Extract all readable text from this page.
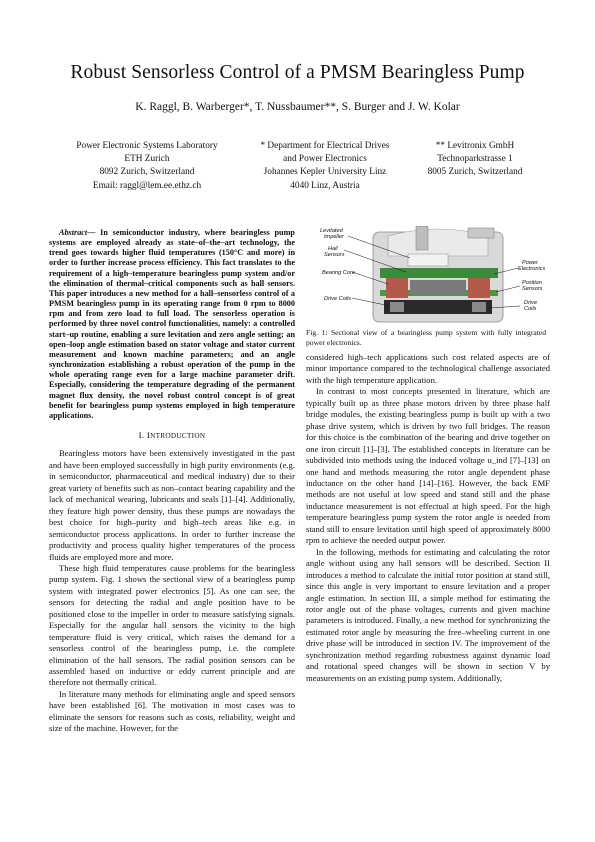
Robust Sensorless Control of a PMSM Bearingless Pump
K. Raggl, B. Warberger*, T. Nussbaumer**, S. Burger and J. W. Kolar
Power Electronic Systems Laboratory
ETH Zurich
8092 Zurich, Switzerland
Email: raggl@lem.ee.ethz.ch
* Department for Electrical Drives
and Power Electronics
Johannes Kepler University Linz
4040 Linz, Austria
** Levitronix GmbH
Technoparkstrasse 1
8005 Zurich, Switzerland

Abstract— In semiconductor industry, where bearingless pump systems are employed already as state–of–the–art technology, the trend goes towards higher fluid temperatures (150°C and more) in order to further increase process efficiency. This fact translates to the requirement of a high–temperature bearingless pump system and/or the elimination of thermal–critical components such as hall sensors. This paper introduces a new method for a hall–sensorless control of a PMSM bearingless pump in its operating range from 0 rpm to 8000 rpm and from zero load to full load. The sensorless operation is performed by three novel control functionalities, namely: a controlled start–up routine, enabling a sure levitation and zero angle setting; an open–loop angle estimation based on stator voltage and stator current measurement and known machine parameters; and an angle synchronization establishing a robust operation of the pump in the whole operating range even for a large machine parameter drift. Especially, considering the temperature degrading of the permanent magnet flux density, the novel robust control concept is of great benefit for bearingless pump systems employed in high temperature applications.

I. INTRODUCTION

Bearingless motors have been extensively investigated in the past and have been employed successfully in high purity environments (e.g. in semiconductor, pharmaceutical and medical industry) due to their great variety of benefits such as non–contact bearing capability and the lack of mechanical wearing, lubricants and seals [1]–[4]. Additionally, they feature high power density, thus these pumps are nowadays the best choice for high–purity and high–tech areas like e.g. in semiconductor process applications. In order to further increase the productivity and process quality higher temperatures of the process fluids are employed more and more.

These high fluid temperatures cause problems for the bearingless pump system. Fig. 1 shows the sectional view of a bearingless pump system with integrated power electronics [5]. As one can see, the sensors for detecting the radial and angle position have to be positioned close to the impeller in order to measure satisfying signals. Especially for the angular hall sensors the vicinity to the high temperature fluid is very critical, which raises the demand for a sensorless control of the bearingless pump, i.e. the complete elimination of the hall sensors. The radial position sensors can be assembled based on inductive or eddy current principle and are therefore not thermally critical.

In literature many methods for eliminating angle and speed sensors have been established [6]. The motivation in most cases was to eliminate the sensors for reasons such as costs, reliability, weight and size of the machine. However, for the

Levitated Impeller
Hall Sensors
Bearing Core
Drive Coils
Power Electronics
Position Sensors
Drive Coils
Fig. 1: Sectional view of a bearingless pump system with fully integrated power electronics.

considered high–tech applications such cost related aspects are of minor importance compared to the technological challenge associated with the high temperature application.

In contrast to most concepts presented in literature, which are typically built up as three phase motors driven by three phase half bridge modules, the existing bearingless pump is built up with a two phase drive system, which is driven by two full bridges. The reason for this choice is the combination of the bearing and drive together on one iron circuit [1]–[3]. The established concepts in literature can be subdivided into methods using the induced voltage u_ind [7]–[13] on one hand and methods measuring the rotor angle dependent phase inductance on the other hand [14]–[16]. However, the back EMF methods are not useful at low speed and stand still and the phase inductance measurement is not effectual at high speed. For the high temperature bearingless pump system the rotor angle is needed from stand still to ensure levitation until high speed of approximately 8000 rpm to achieve the needed output power.

In the following, methods for estimating and calculating the rotor angle without using any hall sensors will be described. Section II introduces a method to calculate the initial rotor position at stand still, since this angle is very important to ensure levitation and a proper angle estimation. In section III, a simple method for estimating the rotor angle out of the phase voltages, currents and given machine parameters is introduced. Finally, a new method for synchronizing the estimated rotor angle by measuring the free–wheeling current in one drive phase will be introduced in section IV. The improvement of the synchronization method regarding robustness against dynamic load and rotational speed changes will be shown in section V by measurements on an existing pump system. Additionally,
